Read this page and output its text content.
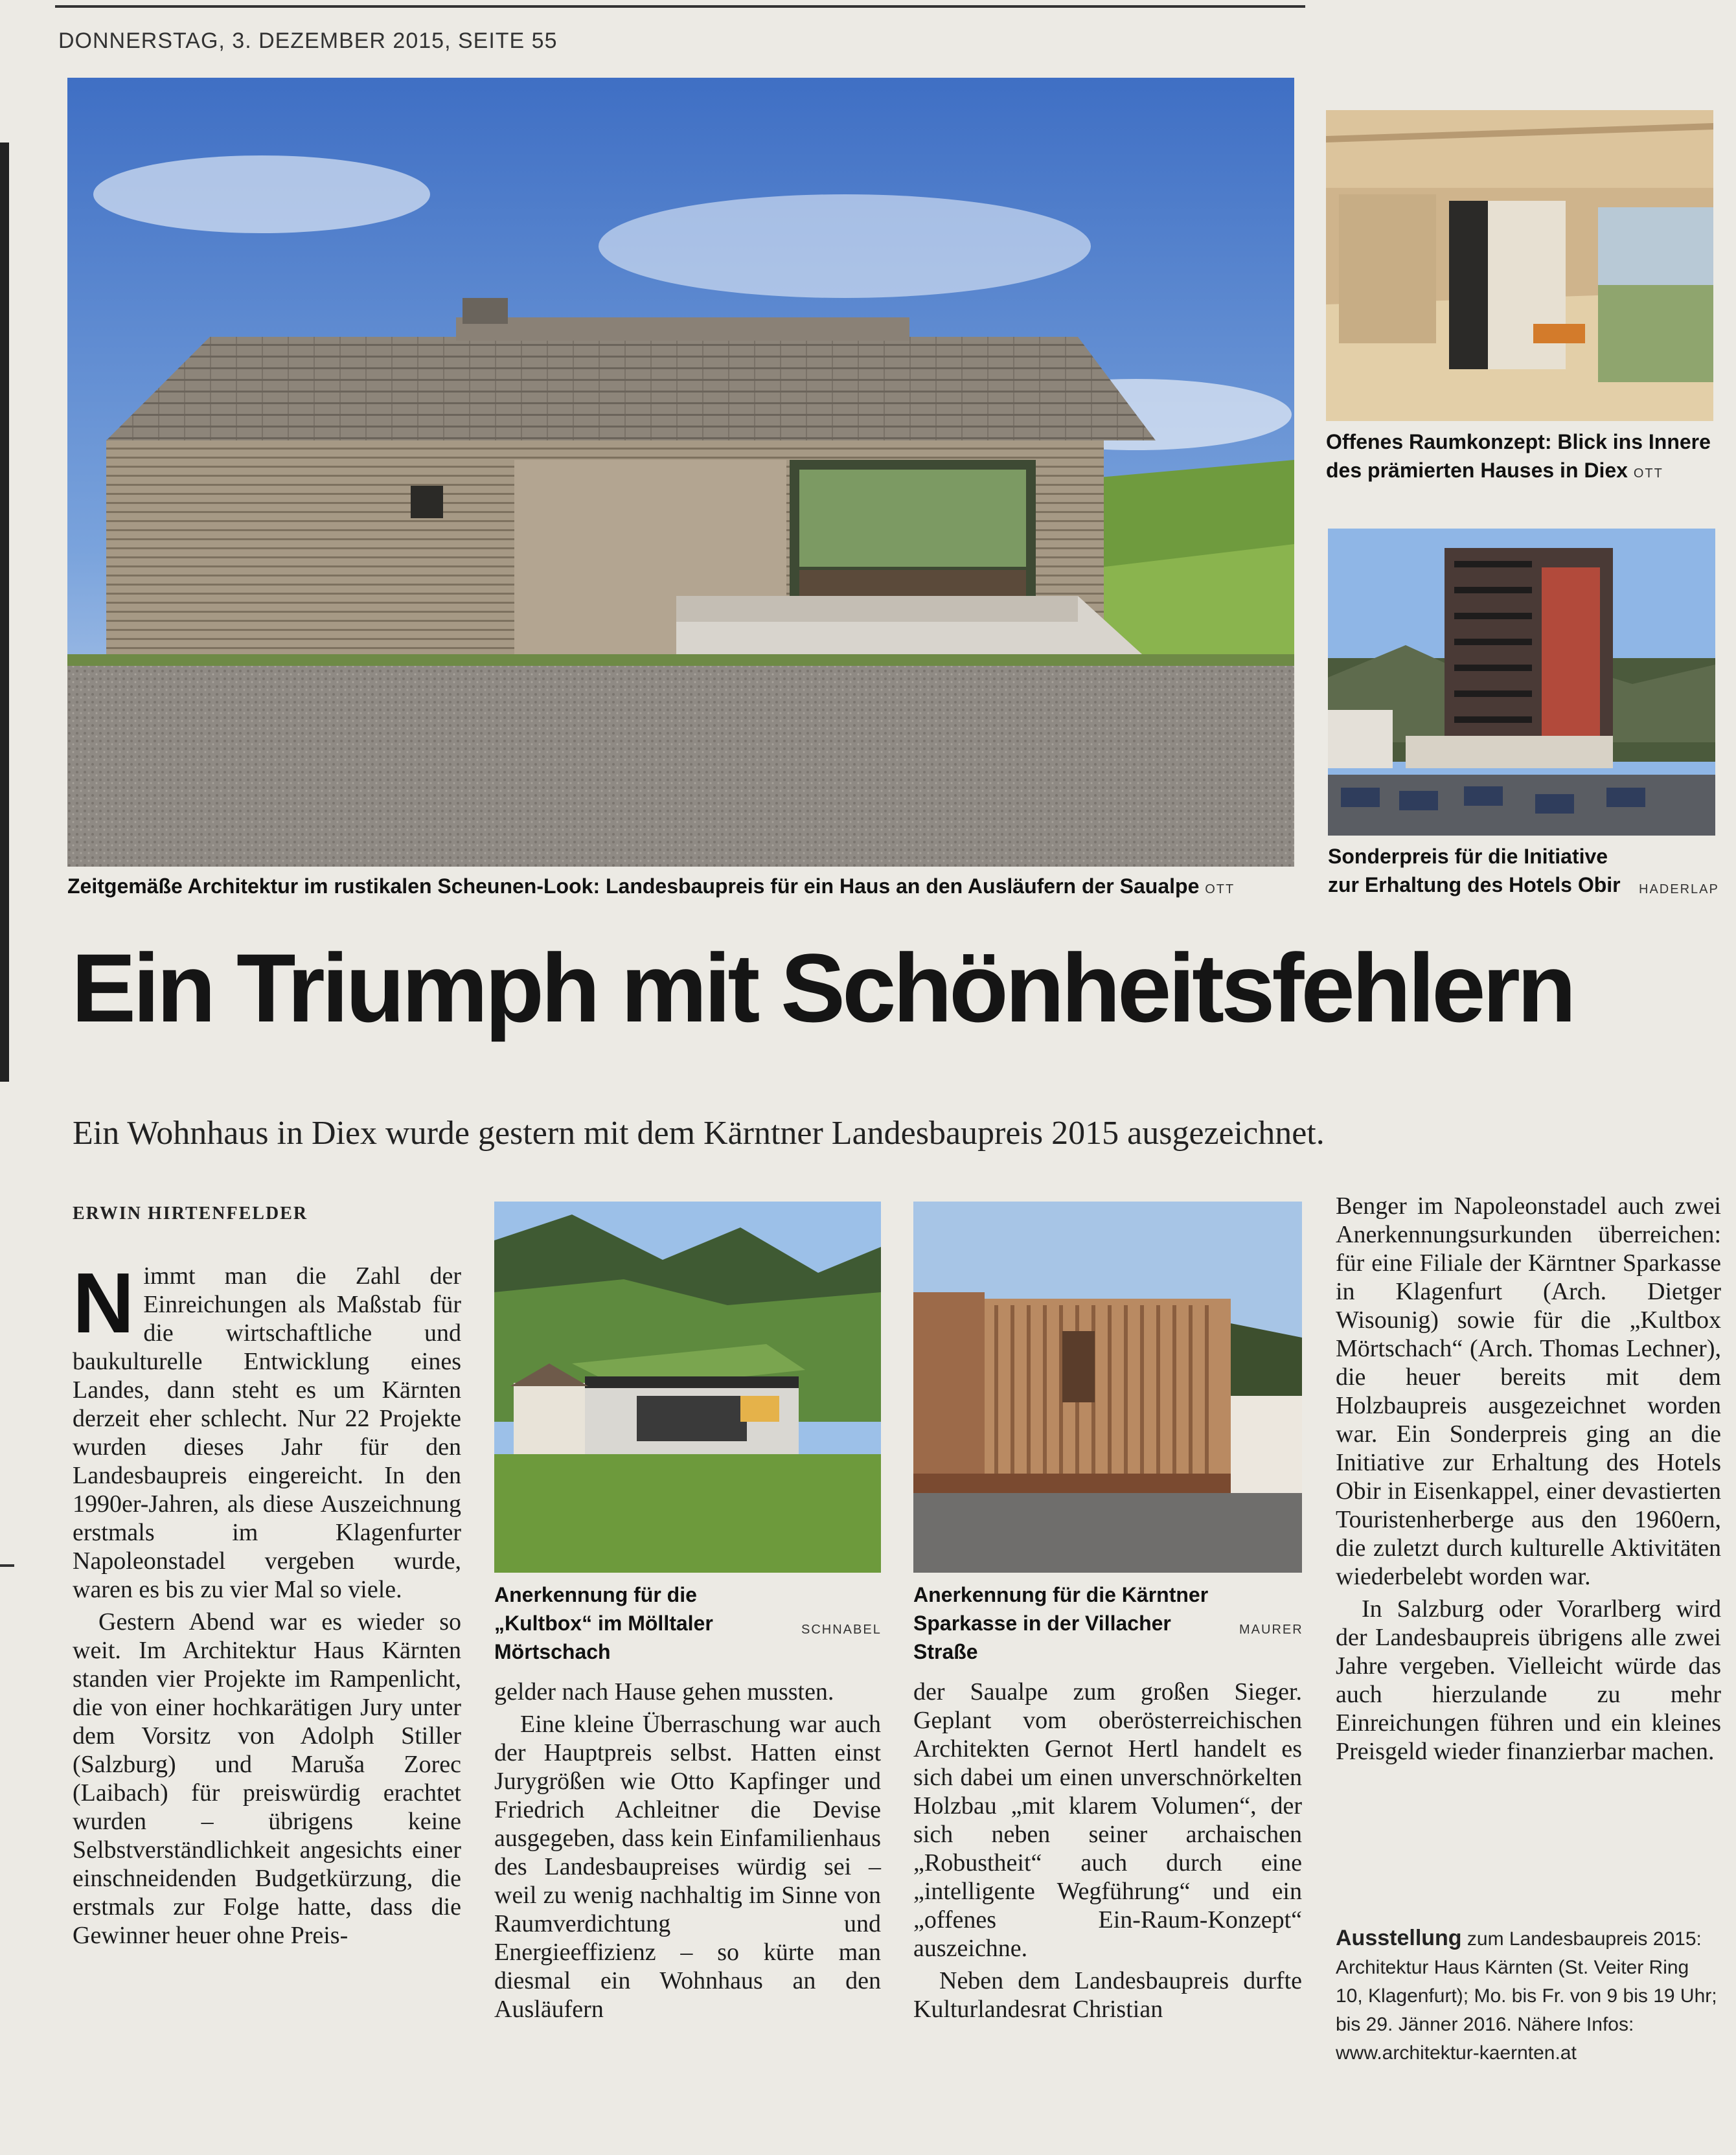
DONNERSTAG, 3. DEZEMBER 2015, SEITE 55
Zeitgemäße Architektur im rustikalen Scheunen-Look: Landesbaupreis für ein Haus an den Ausläufern der Saualpe OTT
Offenes Raumkonzept: Blick ins Innere des prämierten Hauses in Diex OTT
Sonderpreis für die Initiative zur Erhaltung des Hotels Obir	HADERLAP
Ein Triumph mit Schönheitsfehlern
Ein Wohnhaus in Diex wurde gestern mit dem Kärntner Landesbaupreis 2015 ausgezeichnet.
ERWIN HIRTENFELDER
Anerkennung für die „Kultbox“ im Mölltaler Mörtschach
SCHNABEL
Anerkennung für die Kärntner Sparkasse in der Villacher Straße
MAURER
N immt man die Zahl der Einreichungen als Maßstab für die wirtschaftliche und baukulturelle Entwicklung eines Landes, dann steht es um Kärnten derzeit eher schlecht. Nur 22 Projekte wurden dieses Jahr für den Landesbaupreis eingereicht. In den 1990er-Jahren, als diese Auszeichnung erstmals im Klagenfurter Napoleonstadel vergeben wurde, waren es bis zu vier Mal so viele.

Gestern Abend war es wieder so weit. Im Architektur Haus Kärnten standen vier Projekte im Rampenlicht, die von einer hochkarätigen Jury unter dem Vorsitz von Adolph Stiller (Salzburg) und Maruša Zorec (Laibach) für preiswürdig erachtet wurden – übrigens keine Selbstverständlichkeit angesichts einer einschneidenden Budgetkürzung, die erstmals zur Folge hatte, dass die Gewinner heuer ohne Preis-

gelder nach Hause gehen mussten.

Eine kleine Überraschung war auch der Hauptpreis selbst. Hatten einst Jurygrößen wie Otto Kapfinger und Friedrich Achleitner die Devise ausgegeben, dass kein Einfamilienhaus des Landesbaupreises würdig sei – weil zu wenig nachhaltig im Sinne von Raumverdichtung und Energieeffizienz – so kürte man diesmal ein Wohnhaus an den Ausläufern

der Saualpe zum großen Sieger. Geplant vom oberösterreichischen Architekten Gernot Hertl handelt es sich dabei um einen unverschnörkelten Holzbau „mit klarem Volumen“, der sich neben seiner archaischen „Robustheit“ auch durch eine „intelligente Wegführung“ und ein „offenes Ein-Raum-Konzept“ auszeichne.

Neben dem Landesbaupreis durfte Kulturlandesrat Christian

Benger im Napoleonstadel auch zwei Anerkennungsurkunden überreichen: für eine Filiale der Kärntner Sparkasse in Klagenfurt (Arch. Dietger Wisounig) sowie für die „Kultbox Mörtschach“ (Arch. Thomas Lechner), die heuer bereits mit dem Holzbaupreis ausgezeichnet worden war. Ein Sonderpreis ging an die Initiative zur Erhaltung des Hotels Obir in Eisenkappel, einer devastierten Touristenherberge aus den 1960ern, die zuletzt durch kulturelle Aktivitäten wiederbelebt worden war.

In Salzburg oder Vorarlberg wird der Landesbaupreis übrigens alle zwei Jahre vergeben. Vielleicht würde das auch hierzulande zu mehr Einreichungen führen und ein kleines Preisgeld wieder finanzierbar machen.

Ausstellung zum Landesbaupreis 2015: Architektur Haus Kärnten (St. Veiter Ring 10, Klagenfurt); Mo. bis Fr. von 9 bis 19 Uhr; bis 29. Jänner 2016. Nähere Infos: www.architektur-kaernten.at
